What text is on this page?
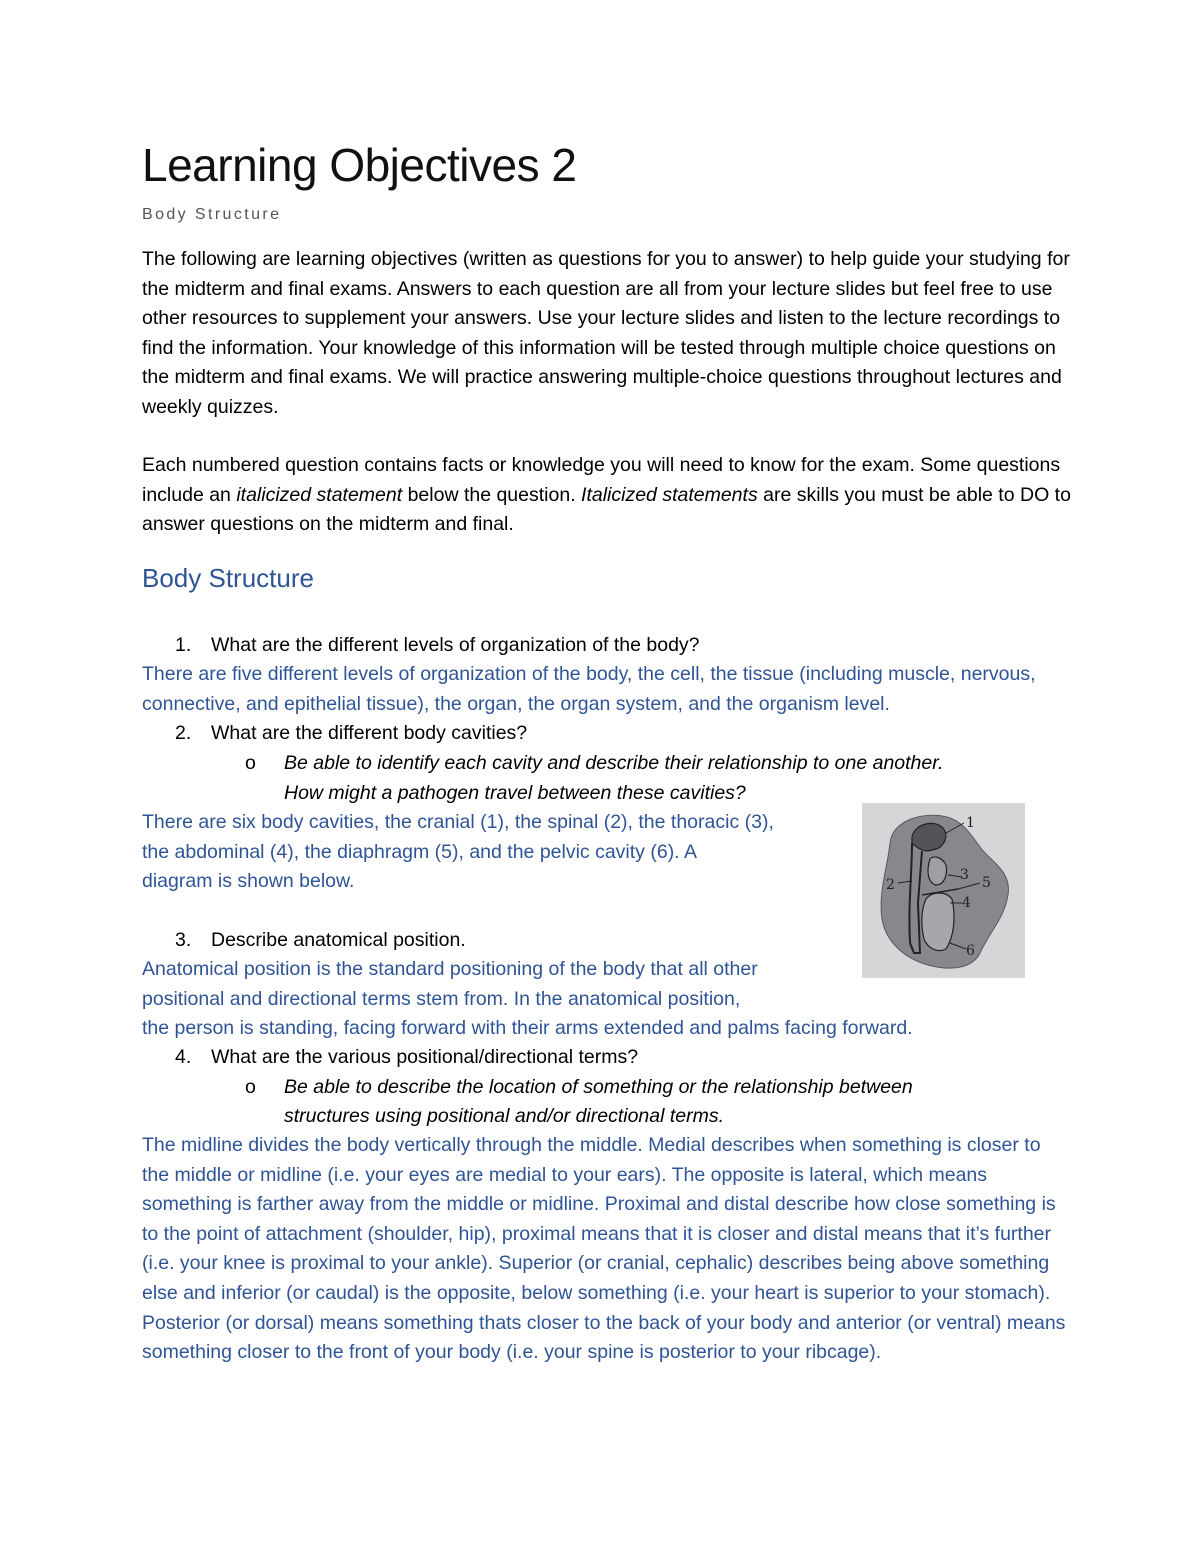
Learning Objectives 2
Body Structure

The following are learning objectives (written as questions for you to answer) to help guide your studying for the midterm and final exams. Answers to each question are all from your lecture slides but feel free to use other resources to supplement your answers. Use your lecture slides and listen to the lecture recordings to find the information. Your knowledge of this information will be tested through multiple choice questions on the midterm and final exams. We will practice answering multiple-choice questions throughout lectures and weekly quizzes.

Each numbered question contains facts or knowledge you will need to know for the exam. Some questions include an italicized statement below the question. Italicized statements are skills you must be able to DO to answer questions on the midterm and final.

Body Structure
1. What are the different levels of organization of the body?

There are five different levels of organization of the body, the cell, the tissue (including muscle, nervous, connective, and epithelial tissue), the organ, the organ system, and the organism level.

2. What are the different body cavities?
o Be able to identify each cavity and describe their relationship to one another.
How might a pathogen travel between these cavities?
There are six body cavities, the cranial (1), the spinal (2), the thoracic (3),
the abdominal (4), the diaphragm (5), and the pelvic cavity (6). A
diagram is shown below.
1
2
3 5
4
6
3. Describe anatomical position.
Anatomical position is the standard positioning of the body that all other
positional and directional terms stem from. In the anatomical position,
the person is standing, facing forward with their arms extended and palms facing forward.
4. What are the various positional/directional terms?
o Be able to describe the location of something or the relationship between
structures using positional and/or directional terms.

The midline divides the body vertically through the middle. Medial describes when something is closer to the middle or midline (i.e. your eyes are medial to your ears). The opposite is lateral, which means something is farther away from the middle or midline. Proximal and distal describe how close something is to the point of attachment (shoulder, hip), proximal means that it is closer and distal means that it’s further (i.e. your knee is proximal to your ankle). Superior (or cranial, cephalic) describes being above something else and inferior (or caudal) is the opposite, below something (i.e. your heart is superior to your stomach). Posterior (or dorsal) means something thats closer to the back of your body and anterior (or ventral) means something closer to the front of your body (i.e. your spine is posterior to your ribcage).
